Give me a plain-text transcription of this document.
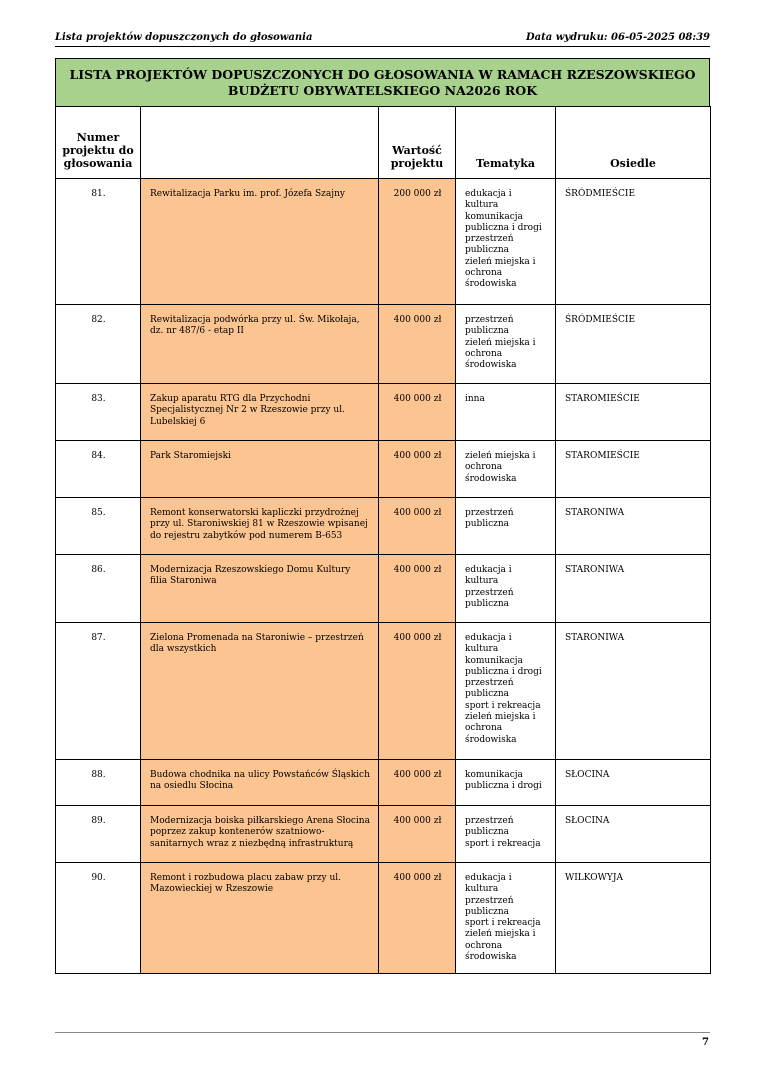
Lista projektów dopuszczonych do głosowania	Data wydruku: 06-05-2025 08:39
LISTA PROJEKTÓW DOPUSZCZONYCH DO GŁOSOWANIA W RAMACH RZESZOWSKIEGO BUDŻETU OBYWATELSKIEGO NA2026 ROK
Numer projektu do głosowania		Wartość projektu	Tematyka	Osiedle
81.	Rewitalizacja Parku im. prof. Józefa Szajny	200 000 zł	edukacja i kultura
komunikacja publiczna i drogi
przestrzeń publiczna
zieleń miejska i ochrona środowiska	ŚRÓDMIEŚCIE
82.	Rewitalizacja podwórka przy ul. Św. Mikołaja, dz. nr 487/6 - etap II	400 000 zł	przestrzeń publiczna
zieleń miejska i ochrona środowiska	ŚRÓDMIEŚCIE
83.	Zakup aparatu RTG dla Przychodni Specjalistycznej Nr 2 w Rzeszowie przy ul. Lubelskiej 6	400 000 zł	inna	STAROMIEŚCIE
84.	Park Staromiejski	400 000 zł	zieleń miejska i ochrona środowiska	STAROMIEŚCIE
85.	Remont konserwatorski kapliczki przydrożnej przy ul. Staroniwskiej 81 w Rzeszowie wpisanej do rejestru zabytków pod numerem B-653	400 000 zł	przestrzeń publiczna	STARONIWA
86.	Modernizacja Rzeszowskiego Domu Kultury filia Staroniwa	400 000 zł	edukacja i kultura
przestrzeń publiczna	STARONIWA
87.	Zielona Promenada na Staroniwie – przestrzeń dla wszystkich	400 000 zł	edukacja i kultura
komunikacja publiczna i drogi
przestrzeń publiczna
sport i rekreacja
zieleń miejska i ochrona środowiska	STARONIWA
88.	Budowa chodnika na ulicy Powstańców Śląskich na osiedlu Słocina	400 000 zł	komunikacja publiczna i drogi	SŁOCINA
89.	Modernizacja boiska piłkarskiego Arena Słocina poprzez zakup kontenerów szatniowo-sanitarnych wraz z niezbędną infrastrukturą	400 000 zł	przestrzeń publiczna
sport i rekreacja	SŁOCINA
90.	Remont i rozbudowa placu zabaw przy ul. Mazowieckiej w Rzeszowie	400 000 zł	edukacja i kultura
przestrzeń publiczna
sport i rekreacja
zieleń miejska i ochrona środowiska	WILKOWYJA
7
